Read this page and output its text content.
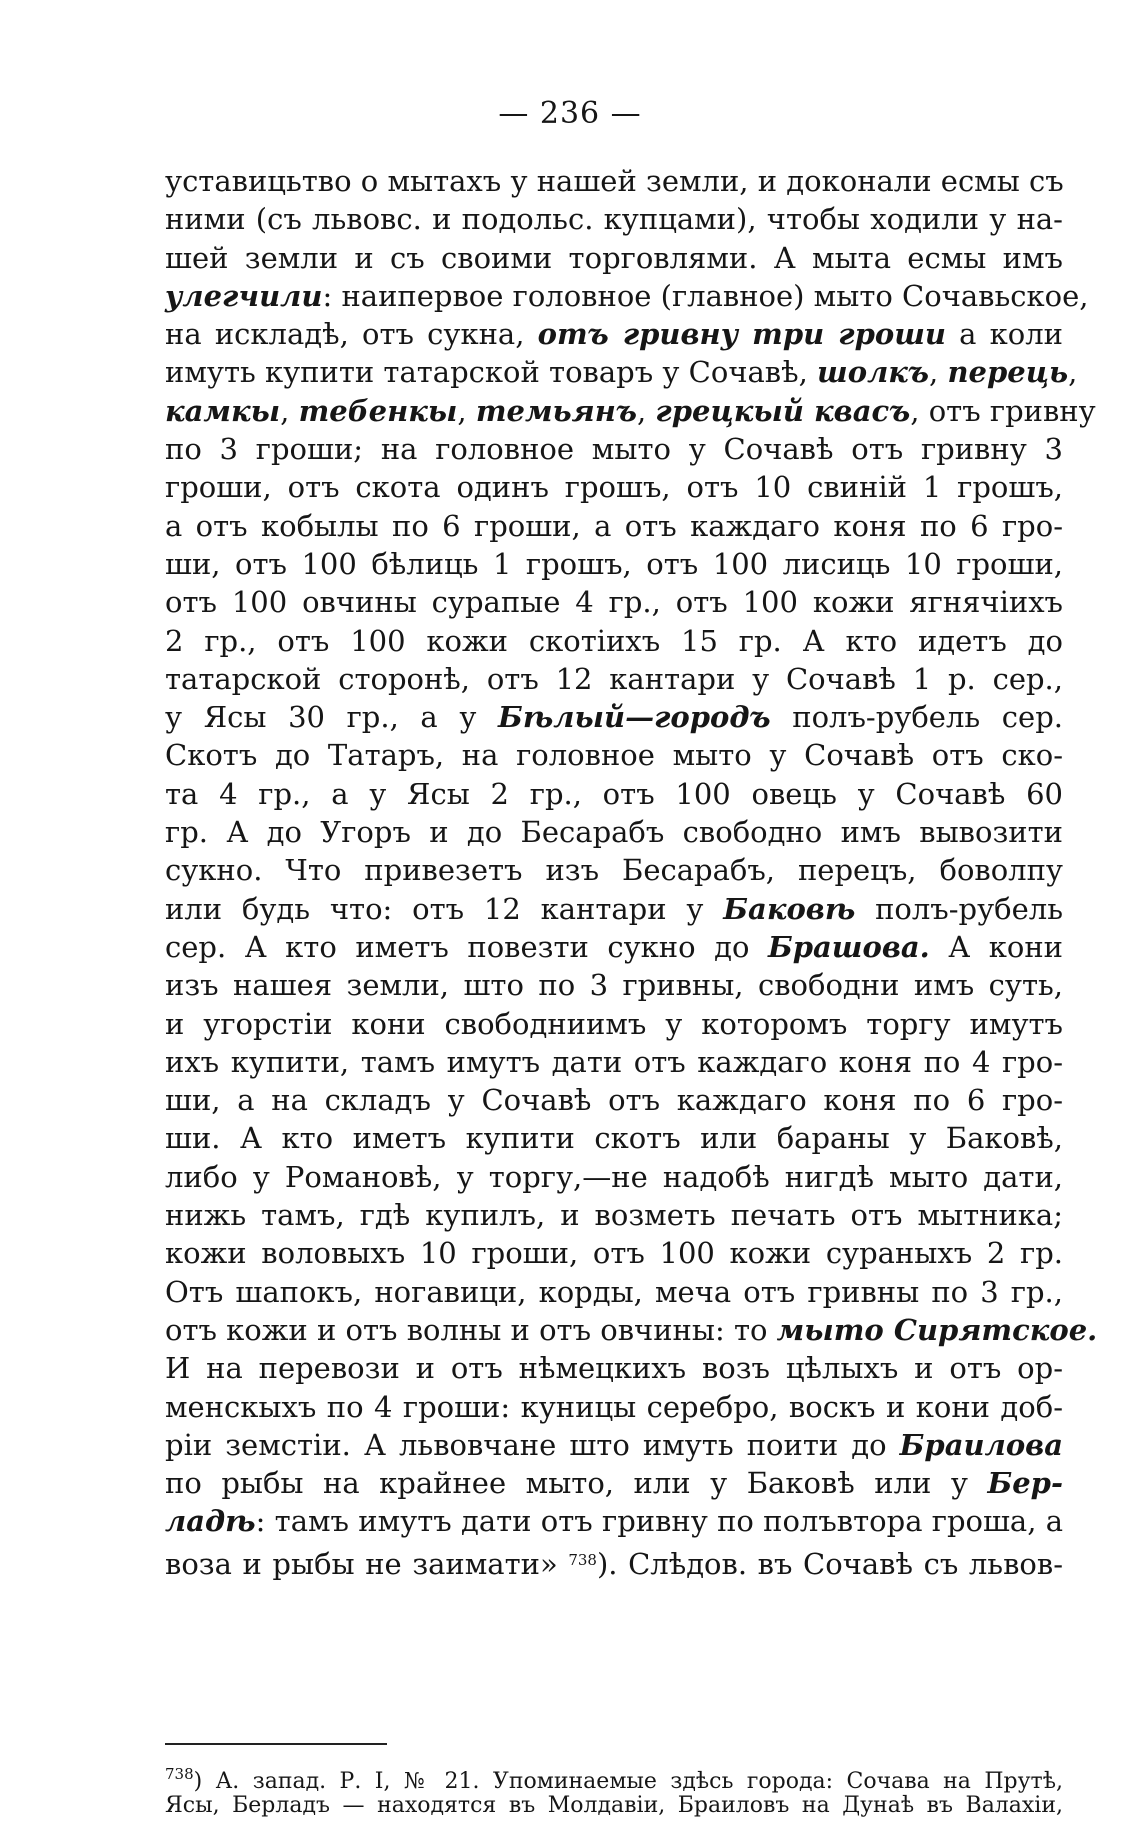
— 236 —
уставицьтво о мытахъ у нашей земли, и доконали есмы съ
ними (съ львовс. и подольс. купцами), чтобы ходили у на-
шей земли и съ своими торговлями. А мыта есмы имъ
улегчили: наипервое головное (главное) мыто Сочавьское,
на искладѣ, отъ сукна, отъ гривну три гроши а коли
имуть купити татарской товаръ у Сочавѣ, шолкъ, перець,
камкы, тебенкы, темьянъ, грецкый квасъ, отъ гривну
по 3 гроши; на головное мыто у Сочавѣ отъ гривну 3
гроши, отъ скота одинъ грошъ, отъ 10 свиній 1 грошъ,
а отъ кобылы по 6 гроши, а отъ каждаго коня по 6 гро-
ши, отъ 100 бѣлиць 1 грошъ, отъ 100 лисиць 10 гроши,
отъ 100 овчины сурапые 4 гр., отъ 100 кожи ягнячіихъ
2 гр., отъ 100 кожи скотіихъ 15 гр. А кто идетъ до
татарской сторонѣ, отъ 12 кантари у Сочавѣ 1 р. сер.,
у Ясы 30 гр., а у Бѣлый—городъ полъ-рубель сер.
Скотъ до Татаръ, на головное мыто у Сочавѣ отъ ско-
та 4 гр., а у Ясы 2 гр., отъ 100 овець у Сочавѣ 60
гр. А до Угоръ и до Бесарабъ свободно имъ вывозити
сукно. Что привезетъ изъ Бесарабъ, перецъ, боволпу
или будь что: отъ 12 кантари у Баковѣ полъ-рубель
сер. А кто иметъ повезти сукно до Брашова. А кони
изъ нашея земли, што по 3 гривны, свободни имъ суть,
и угорстіи кони свободниимъ у которомъ торгу имутъ
ихъ купити, тамъ имутъ дати отъ каждаго коня по 4 гро-
ши, а на складъ у Сочавѣ отъ каждаго коня по 6 гро-
ши. А кто иметъ купити скотъ или бараны у Баковѣ,
либо у Романовѣ, у торгу,—не надобѣ нигдѣ мыто дати,
нижь тамъ, гдѣ купилъ, и возметь печать отъ мытника;
кожи воловыхъ 10 гроши, отъ 100 кожи сураныхъ 2 гр.
Отъ шапокъ, ногавици, корды, меча отъ гривны по 3 гр.,
отъ кожи и отъ волны и отъ овчины: то мыто Сирятское.
И на перевози и отъ нѣмецкихъ возъ цѣлыхъ и отъ ор-
менскыхъ по 4 гроши: куницы серебро, воскъ и кони доб-
ріи земстіи. А львовчане што имуть поити до Браилова
по рыбы на крайнее мыто, или у Баковѣ или у Бер-
ладѣ: тамъ имутъ дати отъ гривну по полъвтора гроша, а
воза и рыбы не заимати» $^{738}$). Слѣдов. въ Сочавѣ съ львов-
$^{738}$) А. запад. Р. I, № 21. Упоминаемые здѣсь города: Сочава на Прутѣ,
Ясы, Берладъ — находятся въ Молдавіи, Браиловъ на Дунаѣ въ Валахіи,
